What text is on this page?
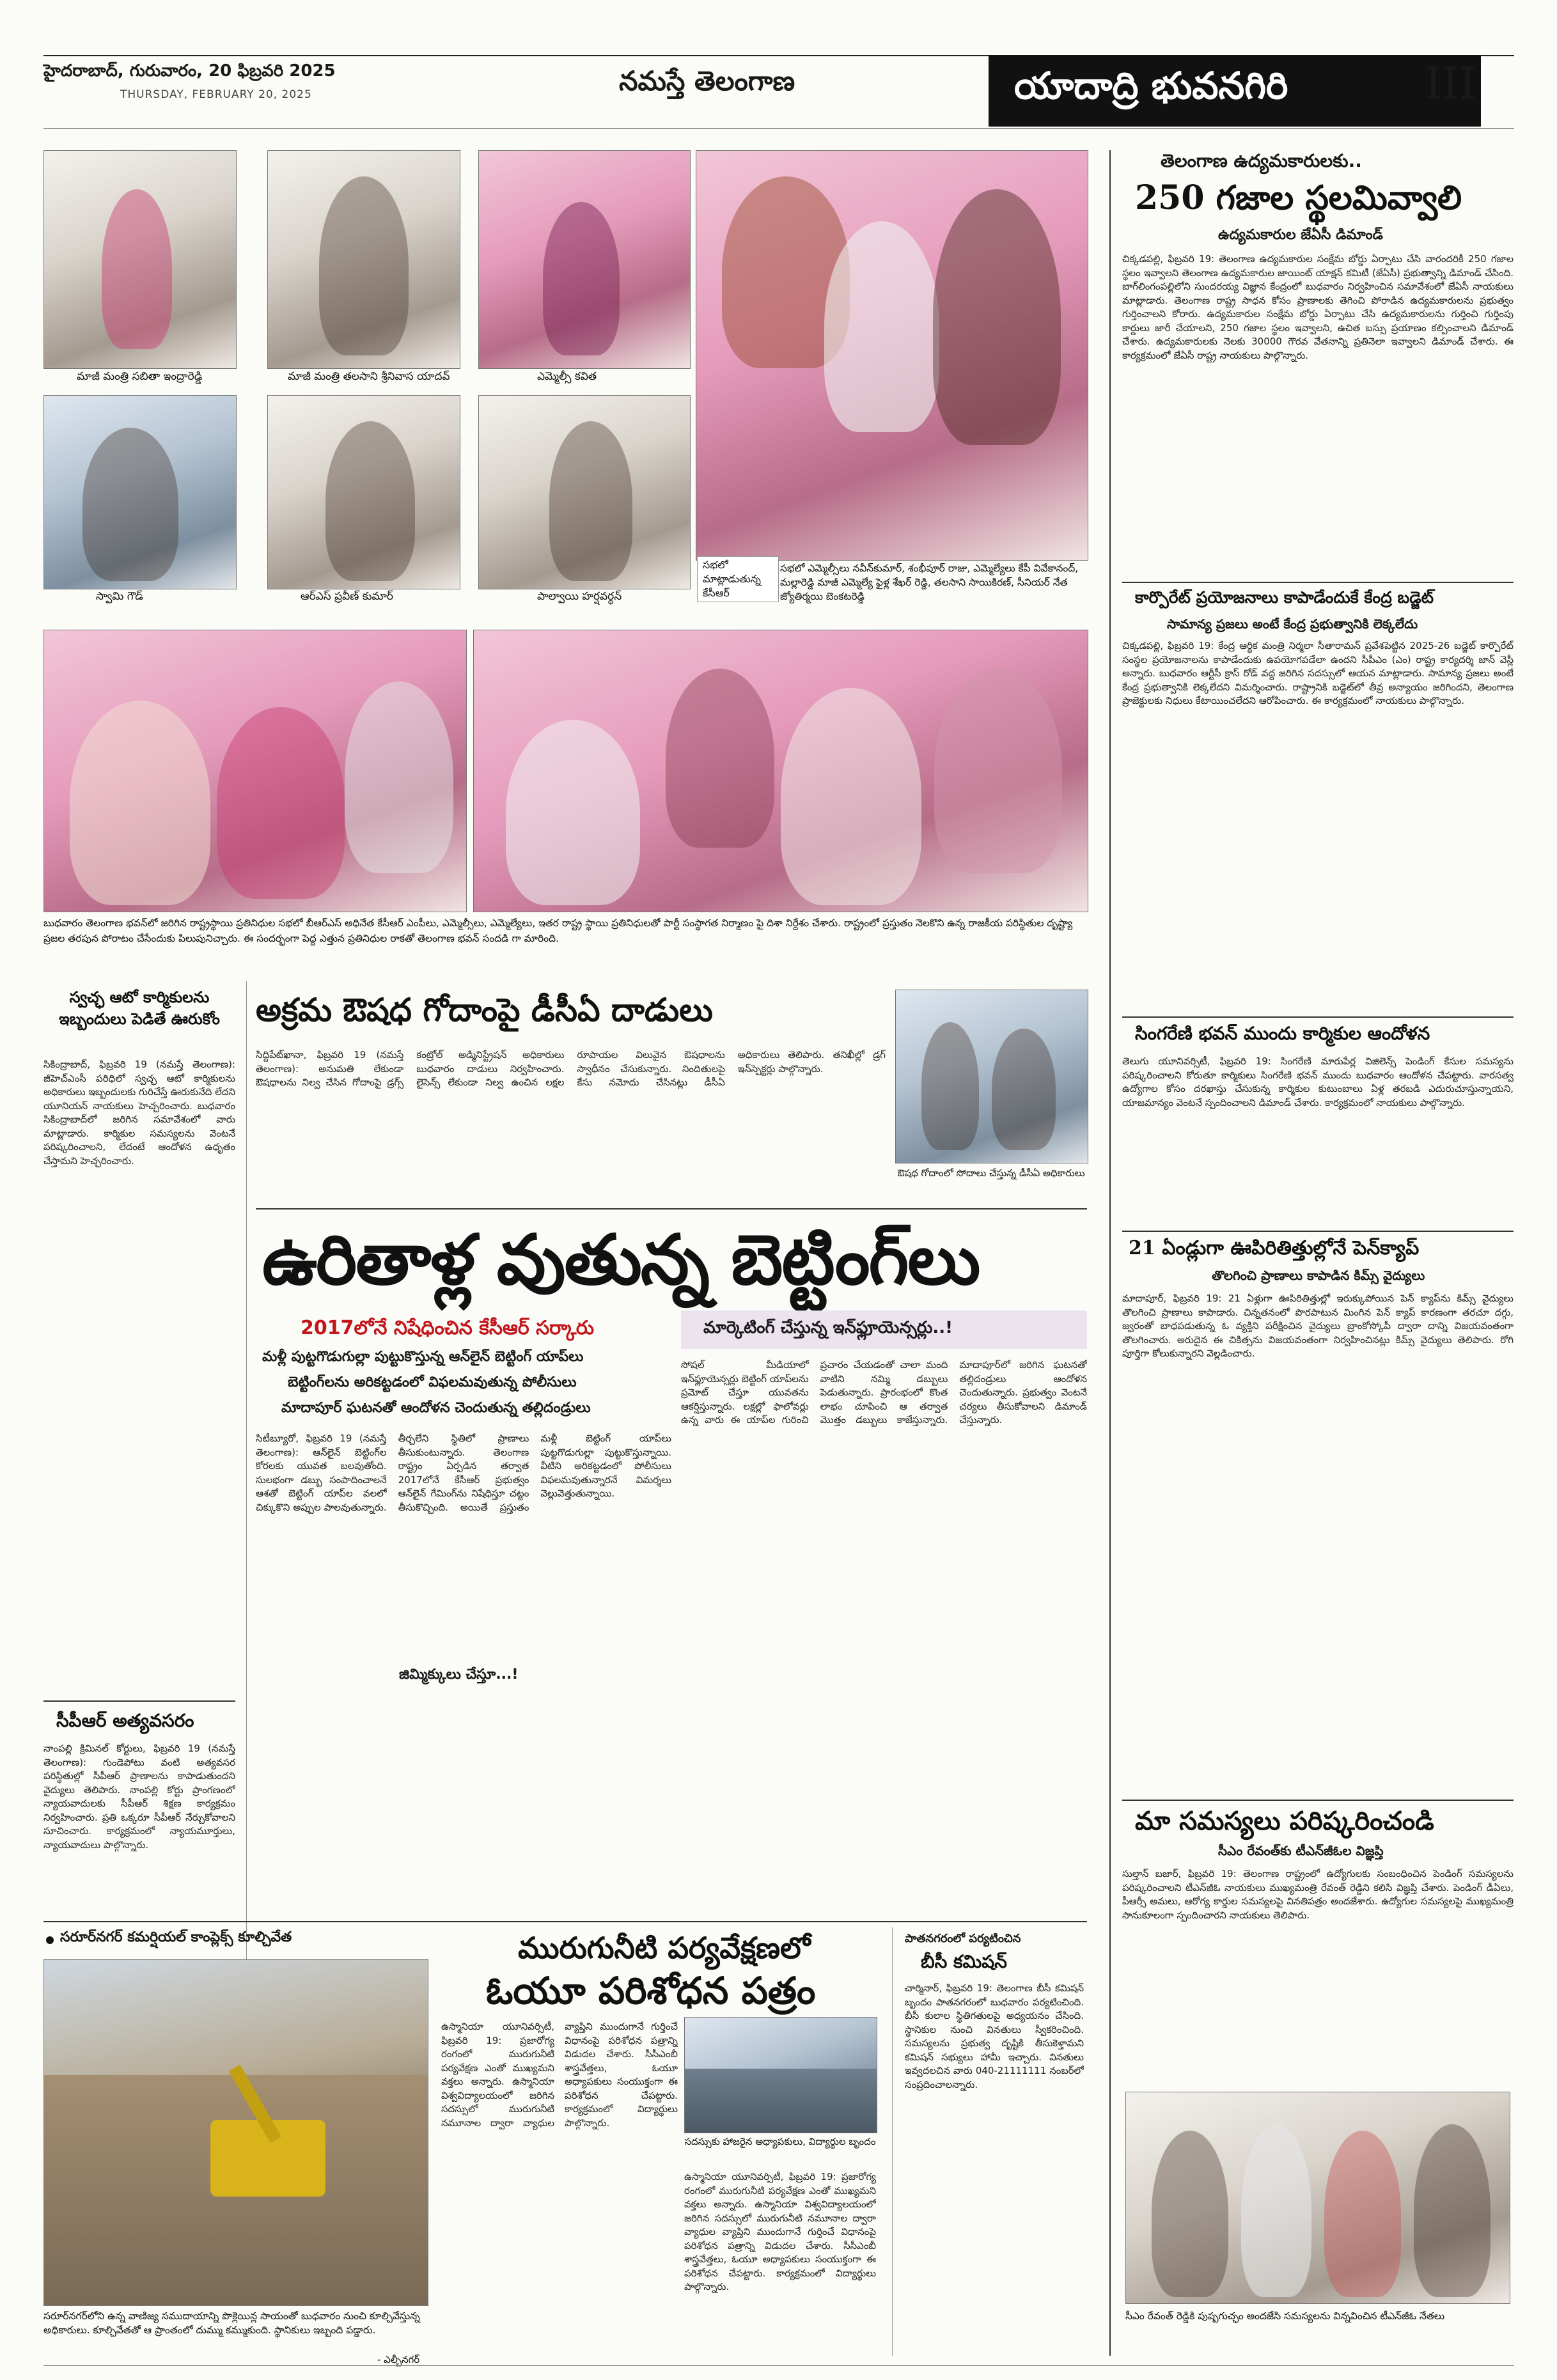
హైదరాబాద్, గురువారం, 20 ఫిబ్రవరి 2025
THURSDAY, FEBRUARY 20, 2025	నమస్తే తెలంగాణ	యాదాద్రి భువనగిరి	III
మాజీ మంత్రి సబితా ఇంద్రారెడ్డి	మాజీ మంత్రి తలసాని శ్రీనివాస యాదవ్	ఎమ్మెల్సీ కవిత
స్వామి గౌడ్	ఆర్ఎస్ ప్రవీణ్ కుమార్	పాల్వాయి హర్షవర్ధన్
సభలో మాట్లాడుతున్న కేసీఆర్
సభలో ఎమ్మెల్సీలు నవీన్‌కుమార్, శంభీపూర్ రాజు, ఎమ్మెల్యేలు కేపీ వివేకానంద్, మల్లారెడ్డి మాజీ ఎమ్మెల్యే ఫైళ్ల శేఖర్ రెడ్డి, తలసాని సాయికిరణ్, సీనియర్ నేత జ్యోతిర్మయి బెంకటరెడ్డి
బుధవారం తెలంగాణ భవన్‌లో జరిగిన రాష్ట్రస్థాయి ప్రతినిధుల సభలో బీఆర్ఎస్ అధినేత కేసీఆర్ ఎంపీలు, ఎమ్మెల్సీలు, ఎమ్మెల్యేలు, ఇతర రాష్ట్ర స్థాయి ప్రతినిధులతో పార్టీ సంస్థాగత నిర్మాణం పై దిశా నిర్దేశం చేశారు. రాష్ట్రంలో ప్రస్తుతం నెలకొని ఉన్న రాజకీయ పరిస్థితుల దృష్ట్యా ప్రజల తరపున పోరాటం చేసేందుకు పిలుపునిచ్చారు. ఈ సందర్భంగా పెద్ద ఎత్తున ప్రతినిధుల రాకతో తెలంగాణ భవన్ సందడి గా మారింది.
తెలంగాణ ఉద్యమకారులకు..
250 గజాల స్థలమివ్వాలి
ఉద్యమకారుల జేఏసీ డిమాండ్
చిక్కడపల్లి, ఫిబ్రవరి 19: తెలంగాణ ఉద్యమకారుల సంక్షేమ బోర్డు ఏర్పాటు చేసి వారందరికీ 250 గజాల స్థలం ఇవ్వాలని తెలంగాణ ఉద్యమకారుల జాయింట్ యాక్షన్ కమిటీ (జేఏసీ) ప్రభుత్వాన్ని డిమాండ్ చేసింది. బాగ్‌లింగంపల్లిలోని సుందరయ్య విజ్ఞాన కేంద్రంలో బుధవారం నిర్వహించిన సమావేశంలో జేఏసీ నాయకులు మాట్లాడారు. తెలంగాణ రాష్ట్ర సాధన కోసం ప్రాణాలకు తెగించి పోరాడిన ఉద్యమకారులను ప్రభుత్వం గుర్తించాలని కోరారు. ఉద్యమకారుల సంక్షేమ బోర్డు ఏర్పాటు చేసి ఉద్యమకారులను గుర్తించి గుర్తింపు కార్డులు జారీ చేయాలని, 250 గజాల స్థలం ఇవ్వాలని, ఉచిత బస్సు ప్రయాణం కల్పించాలని డిమాండ్ చేశారు. ఉద్యమకారులకు నెలకు 30000 గౌరవ వేతనాన్ని ప్రతినెలా ఇవ్వాలని డిమాండ్ చేశారు. ఈ కార్యక్రమంలో జేఏసీ రాష్ట్ర నాయకులు పాల్గొన్నారు.
కార్పొరేట్ ప్రయోజనాలు కాపాడేందుకే కేంద్ర బడ్జెట్
సామాన్య ప్రజలు అంటే కేంద్ర ప్రభుత్వానికి లెక్కలేదు
చిక్కడపల్లి, ఫిబ్రవరి 19: కేంద్ర ఆర్థిక మంత్రి నిర్మలా సీతారామన్ ప్రవేశపెట్టిన 2025-26 బడ్జెట్ కార్పొరేట్ సంస్థల ప్రయోజనాలను కాపాడేందుకు ఉపయోగపడేలా ఉందని సీపీఎం (ఎం) రాష్ట్ర కార్యదర్శి జాన్ వెస్లీ అన్నారు. బుధవారం ఆర్టీసీ క్రాస్ రోడ్ వద్ద జరిగిన సదస్సులో ఆయన మాట్లాడారు. సామాన్య ప్రజలు అంటే కేంద్ర ప్రభుత్వానికి లెక్కలేదని విమర్శించారు. రాష్ట్రానికి బడ్జెట్‌లో తీవ్ర అన్యాయం జరిగిందని, తెలంగాణ ప్రాజెక్టులకు నిధులు కేటాయించలేదని ఆరోపించారు. ఈ కార్యక్రమంలో నాయకులు పాల్గొన్నారు.
సింగరేణి భవన్ ముందు కార్మికుల ఆందోళన
తెలుగు యూనివర్సిటీ, ఫిబ్రవరి 19: సింగరేణి మారుపేర్ల విజిలెన్స్ పెండింగ్ కేసుల సమస్యను పరిష్కరించాలని కోరుతూ కార్మికులు సింగరేణి భవన్ ముందు బుధవారం ఆందోళన చేపట్టారు. వారసత్వ ఉద్యోగాల కోసం దరఖాస్తు చేసుకున్న కార్మికుల కుటుంబాలు ఏళ్ల తరబడి ఎదురుచూస్తున్నాయని, యాజమాన్యం వెంటనే స్పందించాలని డిమాండ్ చేశారు. కార్యక్రమంలో నాయకులు పాల్గొన్నారు.
21 ఏండ్లుగా ఊపిరితిత్తుల్లోనే పెన్‌క్యాప్
తొలగించి ప్రాణాలు కాపాడిన కిమ్స్ వైద్యులు
మాదాపూర్, ఫిబ్రవరి 19: 21 ఏళ్లుగా ఊపిరితిత్తుల్లో ఇరుక్కుపోయిన పెన్ క్యాప్‌ను కిమ్స్ వైద్యులు తొలగించి ప్రాణాలు కాపాడారు. చిన్నతనంలో పొరపాటున మింగిన పెన్ క్యాప్ కారణంగా తరచూ దగ్గు, జ్వరంతో బాధపడుతున్న ఓ వ్యక్తిని పరీక్షించిన వైద్యులు బ్రాంకోస్కోపీ ద్వారా దాన్ని విజయవంతంగా తొలగించారు. అరుదైన ఈ చికిత్సను విజయవంతంగా నిర్వహించినట్లు కిమ్స్ వైద్యులు తెలిపారు. రోగి పూర్తిగా కోలుకున్నారని వెల్లడించారు.
మా సమస్యలు పరిష్కరించండి
సీఎం రేవంత్‌కు టీఎన్‌జీఓల విజ్ఞప్తి
సుల్తాన్ బజార్, ఫిబ్రవరి 19: తెలంగాణ రాష్ట్రంలో ఉద్యోగులకు సంబంధించిన పెండింగ్ సమస్యలను పరిష్కరించాలని టీఎన్‌జీఓ నాయకులు ముఖ్యమంత్రి రేవంత్ రెడ్డిని కలిసి విజ్ఞప్తి చేశారు. పెండింగ్ డీఏలు, పీఆర్సీ అమలు, ఆరోగ్య కార్డుల సమస్యలపై వినతిపత్రం అందజేశారు. ఉద్యోగుల సమస్యలపై ముఖ్యమంత్రి సానుకూలంగా స్పందించారని నాయకులు తెలిపారు.
సీఎం రేవంత్ రెడ్డికి పుష్పగుచ్ఛం అందజేసి సమస్యలను విన్నవించిన టీఎన్‌జీఓ నేతలు
స్వచ్ఛ ఆటో కార్మికులను ఇబ్బందులు పెడితే ఊరుకోం
సికింద్రాబాద్, ఫిబ్రవరి 19 (నమస్తే తెలంగాణ): జీహెచ్‌ఎంసీ పరిధిలో స్వచ్ఛ ఆటో కార్మికులను అధికారులు ఇబ్బందులకు గురిచేస్తే ఊరుకునేది లేదని యూనియన్ నాయకులు హెచ్చరించారు. బుధవారం సికింద్రాబాద్‌లో జరిగిన సమావేశంలో వారు మాట్లాడారు. కార్మికుల సమస్యలను వెంటనే పరిష్కరించాలని, లేదంటే ఆందోళన ఉధృతం చేస్తామని హెచ్చరించారు.
సీపీఆర్ అత్యవసరం
నాంపల్లి క్రిమినల్ కోర్టులు, ఫిబ్రవరి 19 (నమస్తే తెలంగాణ): గుండెపోటు వంటి అత్యవసర పరిస్థితుల్లో సీపీఆర్ ప్రాణాలను కాపాడుతుందని వైద్యులు తెలిపారు. నాంపల్లి కోర్టు ప్రాంగణంలో న్యాయవాదులకు సీపీఆర్ శిక్షణ కార్యక్రమం నిర్వహించారు. ప్రతి ఒక్కరూ సీపీఆర్ నేర్చుకోవాలని సూచించారు. కార్యక్రమంలో న్యాయమూర్తులు, న్యాయవాదులు పాల్గొన్నారు.
అక్రమ ఔషధ గోదాంపై డీసీఏ దాడులు
సిద్దిపేట్‌ఖానా, ఫిబ్రవరి 19 (నమస్తే తెలంగాణ): అనుమతి లేకుండా ఔషధాలను నిల్వ చేసిన గోదాంపై డ్రగ్స్ కంట్రోల్ అడ్మినిస్ట్రేషన్ అధికారులు బుధవారం దాడులు నిర్వహించారు. లైసెన్స్ లేకుండా నిల్వ ఉంచిన లక్షల రూపాయల విలువైన ఔషధాలను స్వాధీనం చేసుకున్నారు. నిందితులపై కేసు నమోదు చేసినట్లు డీసీఏ అధికారులు తెలిపారు. తనిఖీల్లో డ్రగ్ ఇన్‌స్పెక్టర్లు పాల్గొన్నారు.
ఔషధ గోదాంలో సోదాలు చేస్తున్న డీసీఏ అధికారులు
ఉరితాళ్ల వుతున్న బెట్టింగ్‌లు
2017లోనే నిషేధించిన కేసీఆర్ సర్కారు
మళ్లీ పుట్టగొడుగుల్లా పుట్టుకొస్తున్న ఆన్‌లైన్ బెట్టింగ్ యాప్‌లు
బెట్టింగ్‌లను అరికట్టడంలో విఫలమవుతున్న పోలీసులు
మాదాపూర్ ఘటనతో ఆందోళన చెందుతున్న తల్లిదండ్రులు
మార్కెటింగ్ చేస్తున్న ఇన్‌ఫ్లూయెన్సర్లు..!
సిటీబ్యూరో, ఫిబ్రవరి 19 (నమస్తే తెలంగాణ): ఆన్‌లైన్ బెట్టింగ్‌ల కోరలకు యువత బలవుతోంది. సులభంగా డబ్బు సంపాదించాలనే ఆశతో బెట్టింగ్ యాప్‌ల వలలో చిక్కుకొని అప్పుల పాలవుతున్నారు. తీర్చలేని స్థితిలో ప్రాణాలు తీసుకుంటున్నారు. తెలంగాణ రాష్ట్రం ఏర్పడిన తర్వాత 2017లోనే కేసీఆర్ ప్రభుత్వం ఆన్‌లైన్ గేమింగ్‌ను నిషేధిస్తూ చట్టం తీసుకొచ్చింది. అయితే ప్రస్తుతం మళ్లీ బెట్టింగ్ యాప్‌లు పుట్టగొడుగుల్లా పుట్టుకొస్తున్నాయి. వీటిని అరికట్టడంలో పోలీసులు విఫలమవుతున్నారనే విమర్శలు వెల్లువెత్తుతున్నాయి.
జిమ్మిక్కులు చేస్తూ...!
సోషల్ మీడియాలో ఇన్‌ఫ్లూయెన్సర్లు బెట్టింగ్ యాప్‌లను ప్రమోట్ చేస్తూ యువతను ఆకర్షిస్తున్నారు. లక్షల్లో ఫాలోవర్లు ఉన్న వారు ఈ యాప్‌ల గురించి ప్రచారం చేయడంతో చాలా మంది వాటిని నమ్మి డబ్బులు పెడుతున్నారు. ప్రారంభంలో కొంత లాభం చూపించి ఆ తర్వాత మొత్తం డబ్బులు కాజేస్తున్నారు. మాదాపూర్‌లో జరిగిన ఘటనతో తల్లిదండ్రులు ఆందోళన చెందుతున్నారు. ప్రభుత్వం వెంటనే చర్యలు తీసుకోవాలని డిమాండ్ చేస్తున్నారు.
సరూర్‌నగర్ కమర్షియల్ కాంప్లెక్స్ కూల్చివేత
సరూర్‌నగర్‌లోని ఉన్న వాణిజ్య సముదాయాన్ని పొక్లెయిన్ల సాయంతో బుధవారం నుంచి కూల్చివేస్తున్న అధికారులు. కూల్చివేతతో ఆ ప్రాంతంలో దుమ్ము కమ్ముకుంది. స్థానికులు ఇబ్బంది పడ్డారు.
- ఎల్బీనగర్
మురుగునీటి పర్యవేక్షణలో
ఓయూ పరిశోధన పత్రం
సదస్సుకు హాజరైన అధ్యాపకులు, విద్యార్థుల బృందం
ఉస్మానియా యూనివర్సిటీ, ఫిబ్రవరి 19: ప్రజారోగ్య రంగంలో మురుగునీటి పర్యవేక్షణ ఎంతో ముఖ్యమని వక్తలు అన్నారు. ఉస్మానియా విశ్వవిద్యాలయంలో జరిగిన సదస్సులో మురుగునీటి నమూనాల ద్వారా వ్యాధుల వ్యాప్తిని ముందుగానే గుర్తించే విధానంపై పరిశోధన పత్రాన్ని విడుదల చేశారు. సీసీఎంబీ శాస్త్రవేత్తలు, ఓయూ అధ్యాపకులు సంయుక్తంగా ఈ పరిశోధన చేపట్టారు. కార్యక్రమంలో విద్యార్థులు పాల్గొన్నారు.
ఉస్మానియా యూనివర్సిటీ, ఫిబ్రవరి 19: ప్రజారోగ్య రంగంలో మురుగునీటి పర్యవేక్షణ ఎంతో ముఖ్యమని వక్తలు అన్నారు. ఉస్మానియా విశ్వవిద్యాలయంలో జరిగిన సదస్సులో మురుగునీటి నమూనాల ద్వారా వ్యాధుల వ్యాప్తిని ముందుగానే గుర్తించే విధానంపై పరిశోధన పత్రాన్ని విడుదల చేశారు. సీసీఎంబీ శాస్త్రవేత్తలు, ఓయూ అధ్యాపకులు సంయుక్తంగా ఈ పరిశోధన చేపట్టారు. కార్యక్రమంలో విద్యార్థులు పాల్గొన్నారు.
పాతనగరంలో పర్యటించిన
బీసీ కమిషన్
చార్మినార్, ఫిబ్రవరి 19: తెలంగాణ బీసీ కమిషన్ బృందం పాతనగరంలో బుధవారం పర్యటించింది. బీసీ కులాల స్థితిగతులపై అధ్యయనం చేసింది. స్థానికుల నుంచి వినతులు స్వీకరించింది. సమస్యలను ప్రభుత్వ దృష్టికి తీసుకెళ్తామని కమిషన్ సభ్యులు హామీ ఇచ్చారు. వినతులు ఇవ్వదలచిన వారు 040-21111111 నంబర్‌లో సంప్రదించాలన్నారు.
